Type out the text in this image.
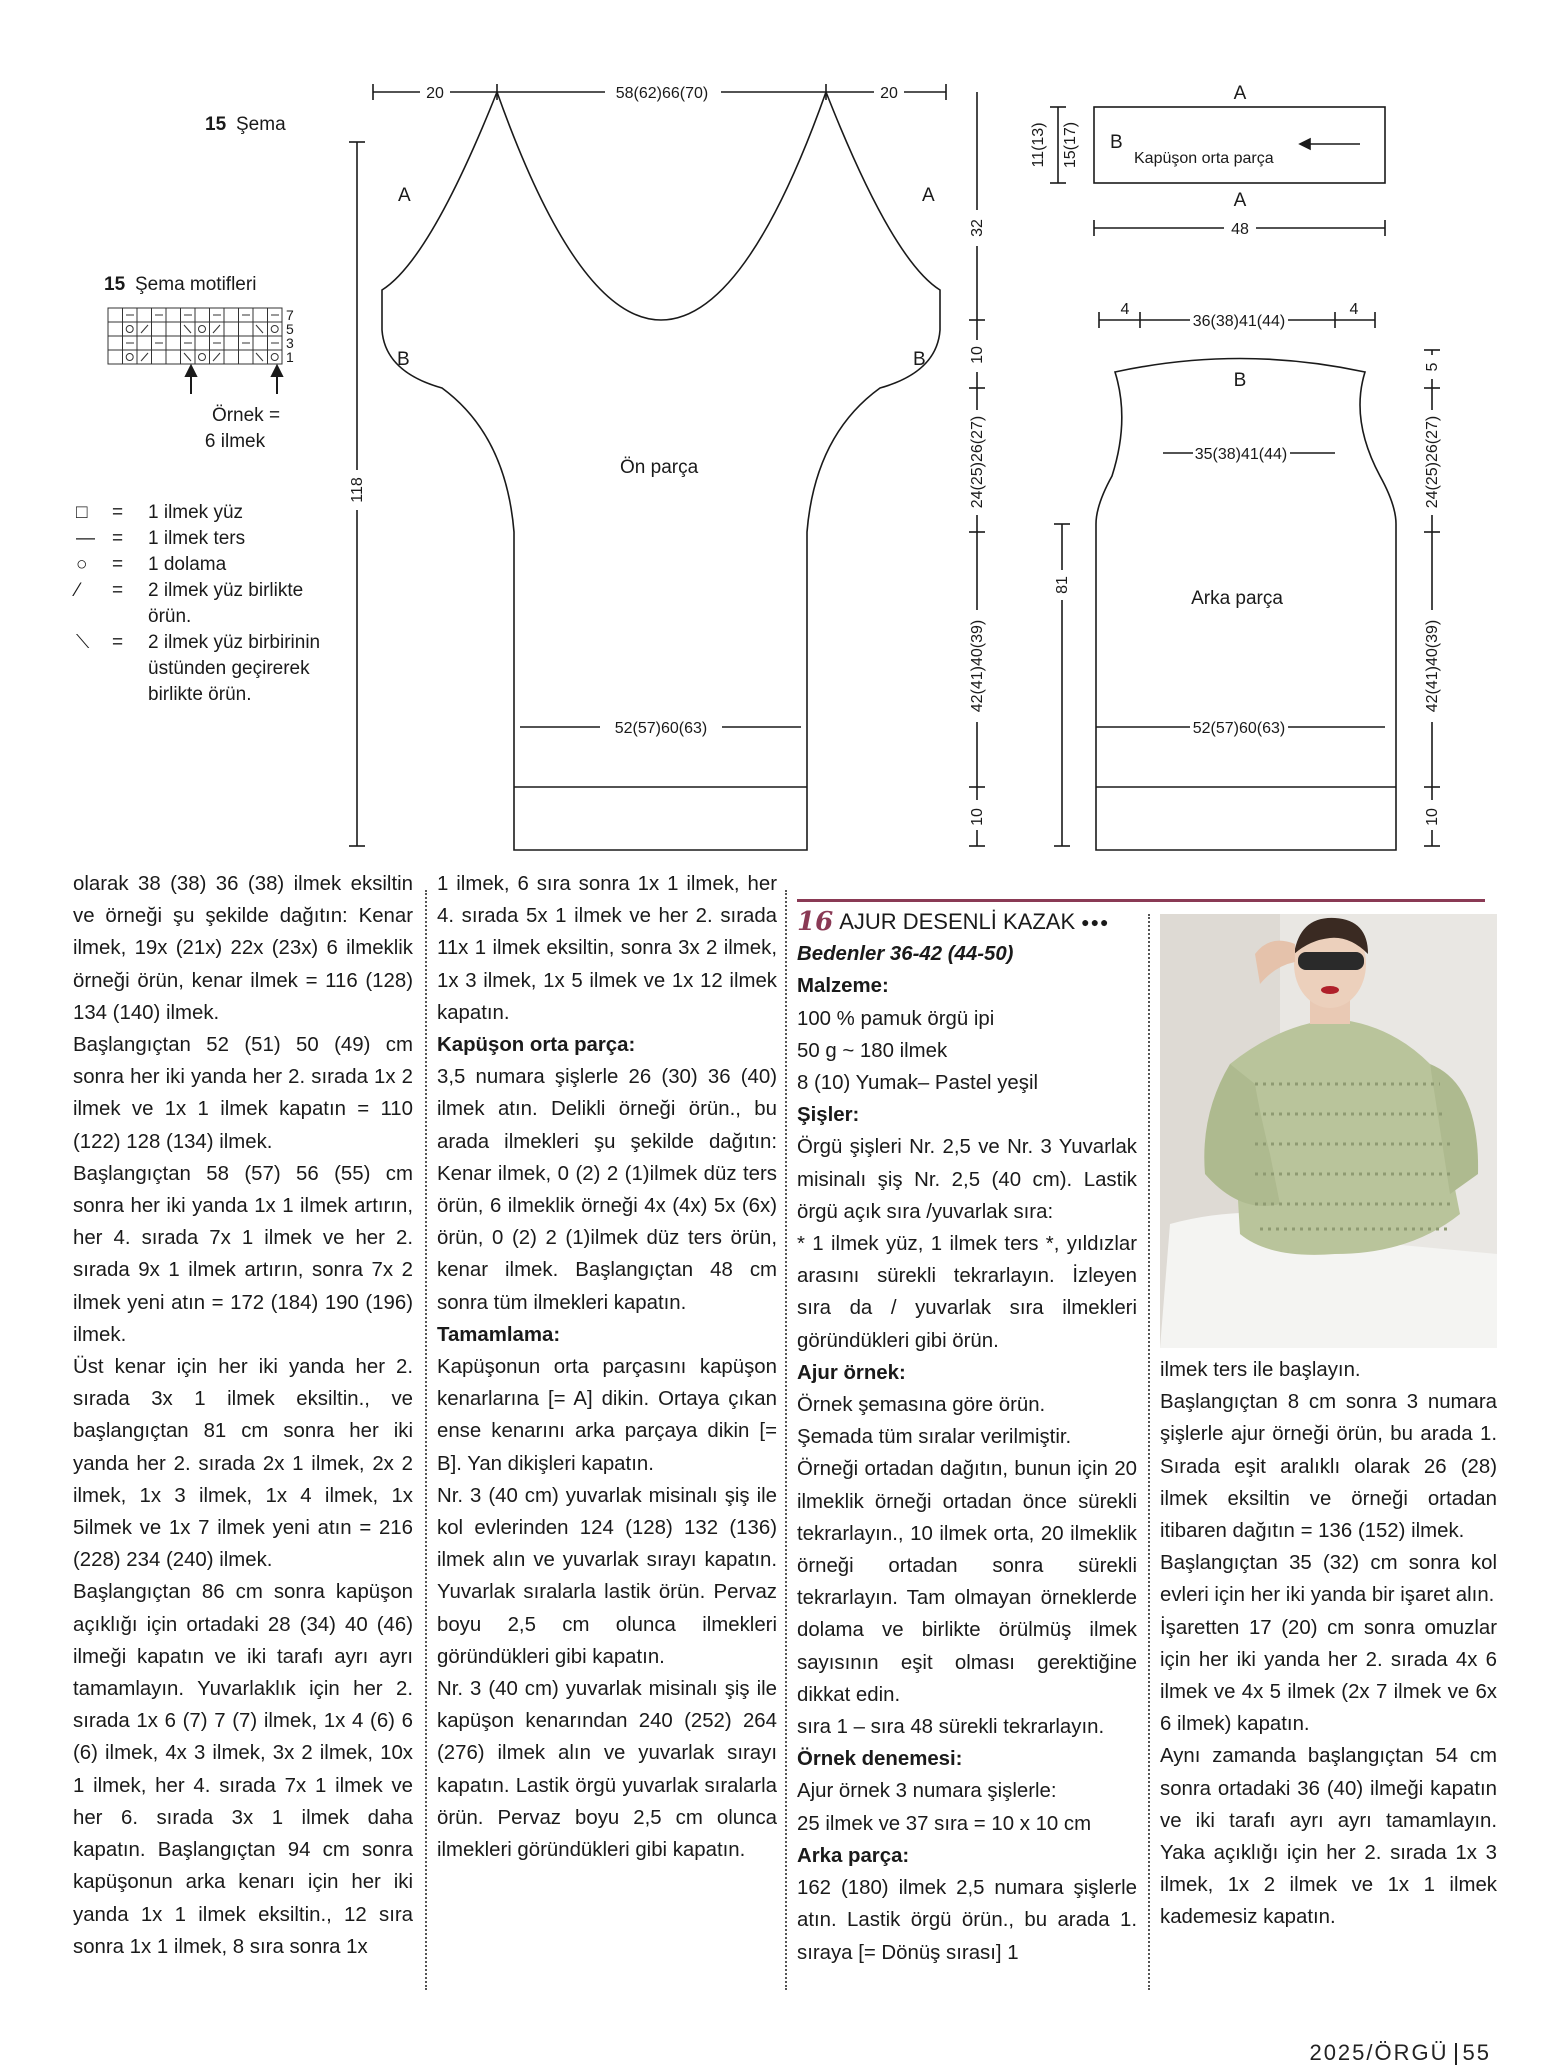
15 Şema
15 Şema motifleri
7
5
3
1
Örnek =
6 ilmek
20	58(62)66(70)	20
118
52(57)60(63)
A	A
B	B
Ön parça
32
10
24(25)26(27)
42(41)40(39)
10
11(13) 15(17)
A
A
B
Kapüşon orta parça
48
4
36(38)41(44)
4
B
35(38)41(44)
Arka parça
81
52(57)60(63)
5
24(25)26(27)
42(41)40(39)
10
□	=	1 ilmek yüz
— =	1 ilmek ters
○	=	1 dolama
⁄	=	2 ilmek yüz birlikte örün.
⟍	=	2 ilmek yüz birbirinin üstünden geçirerek birlikte örün.

olarak 38 (38) 36 (38) ilmek eksiltin ve örneği şu şekilde dağıtın: Kenar ilmek, 19x (21x) 22x (23x) 6 ilmeklik örneği örün, kenar ilmek = 116 (128) 134 (140) ilmek.

Başlangıçtan 52 (51) 50 (49) cm sonra her iki yanda her 2. sırada 1x 2 ilmek ve 1x 1 ilmek kapatın = 110 (122) 128 (134) ilmek.

Başlangıçtan 58 (57) 56 (55) cm sonra her iki yanda 1x 1 ilmek artırın, her 4. sırada 7x 1 ilmek ve her 2. sırada 9x 1 ilmek artırın, sonra 7x 2 ilmek yeni atın = 172 (184) 190 (196) ilmek.

Üst kenar için her iki yanda her 2. sırada 3x 1 ilmek eksiltin., ve başlangıçtan 81 cm sonra her iki yanda her 2. sırada 2x 1 ilmek, 2x 2 ilmek, 1x 3 ilmek, 1x 4 ilmek, 1x 5ilmek ve 1x 7 ilmek yeni atın = 216 (228) 234 (240) ilmek.

Başlangıçtan 86 cm sonra kapüşon açıklığı için ortadaki 28 (34) 40 (46) ilmeği kapatın ve iki tarafı ayrı ayrı tamamlayın. Yuvarlaklık için her 2. sırada 1x 6 (7) 7 (7) ilmek, 1x 4 (6) 6 (6) ilmek, 4x 3 ilmek, 3x 2 ilmek, 10x 1 ilmek, her 4. sırada 7x 1 ilmek ve her 6. sırada 3x 1 ilmek daha kapatın. Başlangıçtan 94 cm sonra kapüşonun arka kenarı için her iki yanda 1x 1 ilmek eksiltin., 12 sıra sonra 1x 1 ilmek, 8 sıra sonra 1x

1 ilmek, 6 sıra sonra 1x 1 ilmek, her 4. sırada 5x 1 ilmek ve her 2. sırada 11x 1 ilmek eksiltin, sonra 3x 2 ilmek, 1x 3 ilmek, 1x 5 ilmek ve 1x 12 ilmek kapatın.

Kapüşon orta parça:

3,5 numara şişlerle 26 (30) 36 (40) ilmek atın. Delikli örneği örün., bu arada ilmekleri şu şekilde dağıtın: Kenar ilmek, 0 (2) 2 (1)ilmek düz ters örün, 6 ilmeklik örneği 4x (4x) 5x (6x) örün, 0 (2) 2 (1)ilmek düz ters örün, kenar ilmek. Başlangıçtan 48 cm sonra tüm ilmekleri kapatın.

Tamamlama:

Kapüşonun orta parçasını kapüşon kenarlarına [= A] dikin. Ortaya çıkan ense kenarını arka parçaya dikin [= B]. Yan dikişleri kapatın.

Nr. 3 (40 cm) yuvarlak misinalı şiş ile kol evlerinden 124 (128) 132 (136) ilmek alın ve yuvarlak sırayı kapatın. Yuvarlak sıralarla lastik örün. Pervaz boyu 2,5 cm olunca ilmekleri göründükleri gibi kapatın.

Nr. 3 (40 cm) yuvarlak misinalı şiş ile kapüşon kenarından 240 (252) 264 (276) ilmek alın ve yuvarlak sırayı kapatın. Lastik örgü yuvarlak sıralarla örün. Pervaz boyu 2,5 cm olunca ilmekleri göründükleri gibi kapatın.

16 AJUR DESENLİ KAZAK ●●●

Bedenler 36-42 (44-50)

Malzeme:

100 % pamuk örgü ipi

50 g ~ 180 ilmek

8 (10) Yumak– Pastel yeşil

Şişler:

Örgü şişleri Nr. 2,5 ve Nr. 3 Yuvarlak misinalı şiş Nr. 2,5 (40 cm). Lastik örgü açık sıra /yuvarlak sıra:

* 1 ilmek yüz, 1 ilmek ters *, yıldızlar arasını sürekli tekrarlayın. İzleyen sıra da / yuvarlak sıra ilmekleri göründükleri gibi örün.

Ajur örnek:

Örnek şemasına göre örün.

Şemada tüm sıralar verilmiştir.

Örneği ortadan dağıtın, bunun için 20 ilmeklik örneği ortadan önce sürekli tekrarlayın., 10 ilmek orta, 20 ilmeklik örneği ortadan sonra sürekli tekrarlayın. Tam olmayan örneklerde dolama ve birlikte örülmüş ilmek sayısının eşit olması gerektiğine dikkat edin.

sıra 1 – sıra 48 sürekli tekrarlayın.

Örnek denemesi:

Ajur örnek 3 numara şişlerle:

25 ilmek ve 37 sıra = 10 x 10 cm

Arka parça:

162 (180) ilmek 2,5 numara şişlerle atın. Lastik örgü örün., bu arada 1. sıraya [= Dönüş sırası] 1

ilmek ters ile başlayın.

Başlangıçtan 8 cm sonra 3 numara şişlerle ajur örneği örün, bu arada 1. Sırada eşit aralıklı olarak 26 (28) ilmek eksiltin ve örneği ortadan itibaren dağıtın = 136 (152) ilmek.

Başlangıçtan 35 (32) cm sonra kol evleri için her iki yanda bir işaret alın.

İşaretten 17 (20) cm sonra omuzlar için her iki yanda her 2. sırada 4x 6 ilmek ve 4x 5 ilmek (2x 7 ilmek ve 6x 6 ilmek) kapatın.

Aynı zamanda başlangıçtan 54 cm sonra ortadaki 36 (40) ilmeği kapatın ve iki tarafı ayrı ayrı tamamlayın. Yaka açıklığı için her 2. sırada 1x 3 ilmek, 1x 2 ilmek ve 1x 1 ilmek kademesiz kapatın.

2025/ÖRGÜ 55
